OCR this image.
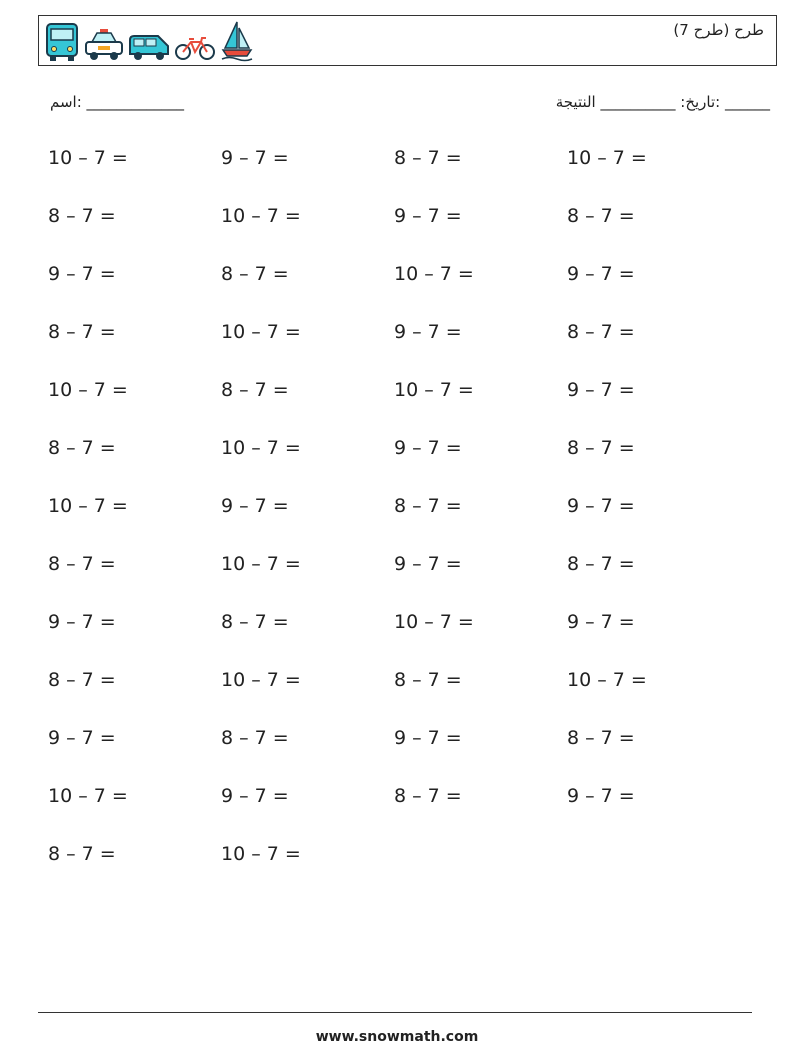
طرح (طرح 7)
اسم: _____________	______ :تاريخ: __________ النتيجة
10 – 7 =	9 – 7 =	8 – 7 =	10 – 7 =
8 – 7 =	10 – 7 =	9 – 7 =	8 – 7 =
9 – 7 =	8 – 7 =	10 – 7 =	9 – 7 =
8 – 7 =	10 – 7 =	9 – 7 =	8 – 7 =
10 – 7 =	8 – 7 =	10 – 7 =	9 – 7 =
8 – 7 =	10 – 7 =	9 – 7 =	8 – 7 =
10 – 7 =	9 – 7 =	8 – 7 =	9 – 7 =
8 – 7 =	10 – 7 =	9 – 7 =	8 – 7 =
9 – 7 =	8 – 7 =	10 – 7 =	9 – 7 =
8 – 7 =	10 – 7 =	8 – 7 =	10 – 7 =
9 – 7 =	8 – 7 =	9 – 7 =	8 – 7 =
10 – 7 =	9 – 7 =	8 – 7 =	9 – 7 =
8 – 7 =	10 – 7 =
www.snowmath.com
